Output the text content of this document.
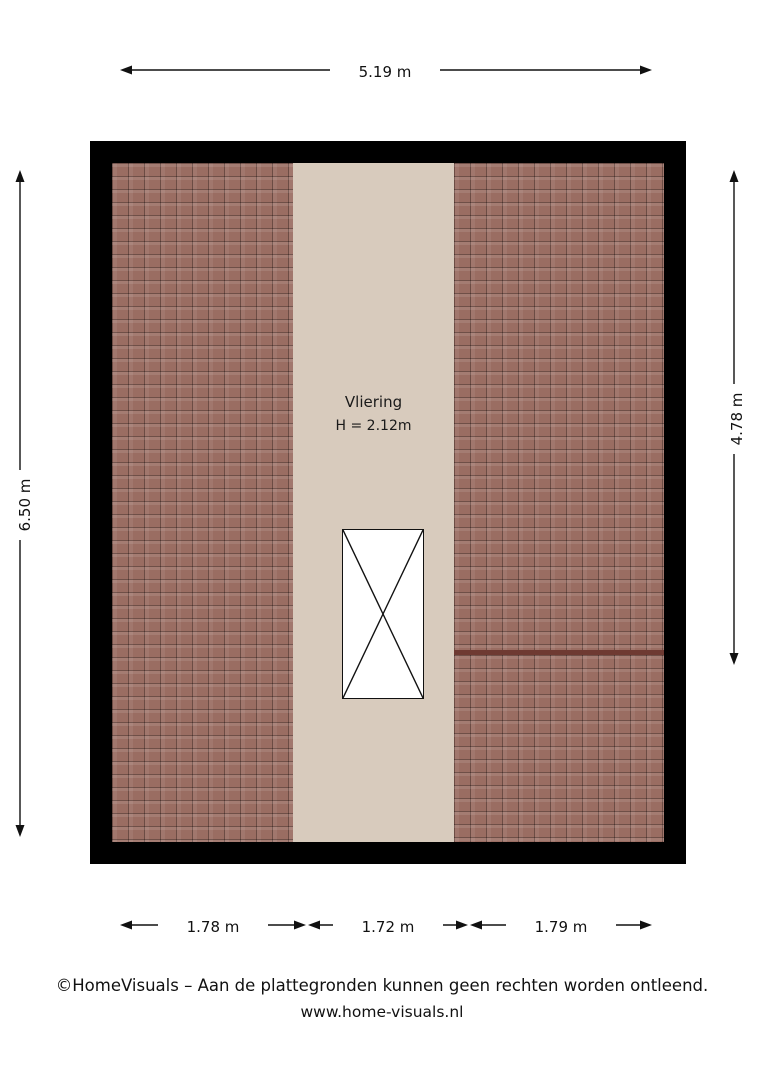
5.19 m
6.50 m
4.78 m
Vliering
H = 2.12m
1.78 m	1.72 m	1.79 m
©HomeVisuals – Aan de plattegronden kunnen geen rechten worden ontleend.
www.home-visuals.nl
